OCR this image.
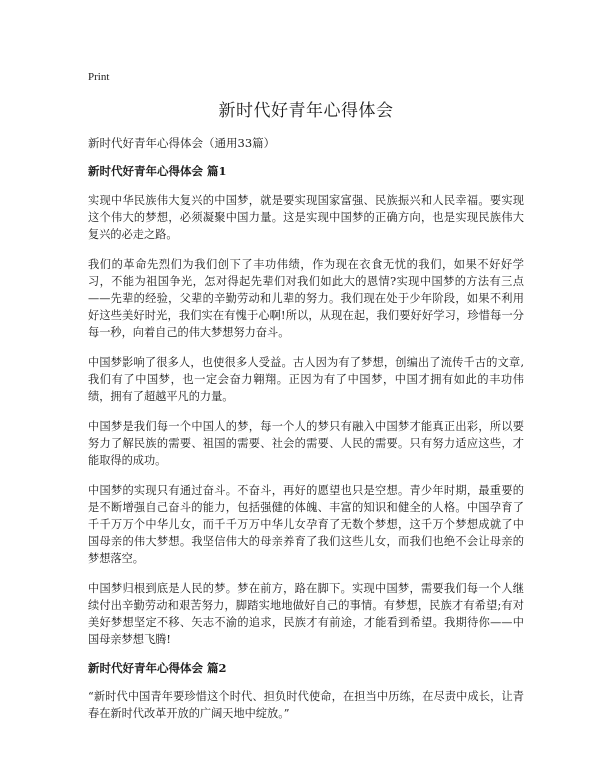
Print
新时代好青年心得体会

新时代好青年心得体会（通用33篇）

新时代好青年心得体会 篇1

实现中华民族伟大复兴的中国梦，就是要实现国家富强、民族振兴和人民幸福。要实现这个伟大的梦想，必须凝聚中国力量。这是实现中国梦的正确方向，也是实现民族伟大复兴的必走之路。

我们的革命先烈们为我们创下了丰功伟绩，作为现在衣食无忧的我们，如果不好好学习，不能为祖国争光，怎对得起先辈们对我们如此大的恩情?实现中国梦的方法有三点——先辈的经验，父辈的辛勤劳动和儿辈的努力。我们现在处于少年阶段，如果不利用好这些美好时光，我们实在有愧于心啊!所以，从现在起，我们要好好学习，珍惜每一分每一秒，向着自己的伟大梦想努力奋斗。

中国梦影响了很多人，也使很多人受益。古人因为有了梦想，创编出了流传千古的文章,我们有了中国梦，也一定会奋力翱翔。正因为有了中国梦，中国才拥有如此的丰功伟绩，拥有了超越平凡的力量。

中国梦是我们每一个中国人的梦，每一个人的梦只有融入中国梦才能真正出彩，所以要努力了解民族的需要、祖国的需要、社会的需要、人民的需要。只有努力适应这些，才能取得的成功。

中国梦的实现只有通过奋斗。不奋斗，再好的愿望也只是空想。青少年时期，最重要的是不断增强自己奋斗的能力，包括强健的体魄、丰富的知识和健全的人格。中国孕育了千千万万个中华儿女，而千千万万中华儿女孕育了无数个梦想，这千万个梦想成就了中国母亲的伟大梦想。我坚信伟大的母亲养育了我们这些儿女，而我们也绝不会让母亲的梦想落空。

中国梦归根到底是人民的梦。梦在前方，路在脚下。实现中国梦，需要我们每一个人继续付出辛勤劳动和艰苦努力，脚踏实地地做好自己的事情。有梦想，民族才有希望;有对美好梦想坚定不移、矢志不渝的追求，民族才有前途，才能看到希望。我期待你——中国母亲梦想飞腾!

新时代好青年心得体会 篇2

“新时代中国青年要珍惜这个时代、担负时代使命，在担当中历练，在尽责中成长，让青春在新时代改革开放的广阔天地中绽放。”
